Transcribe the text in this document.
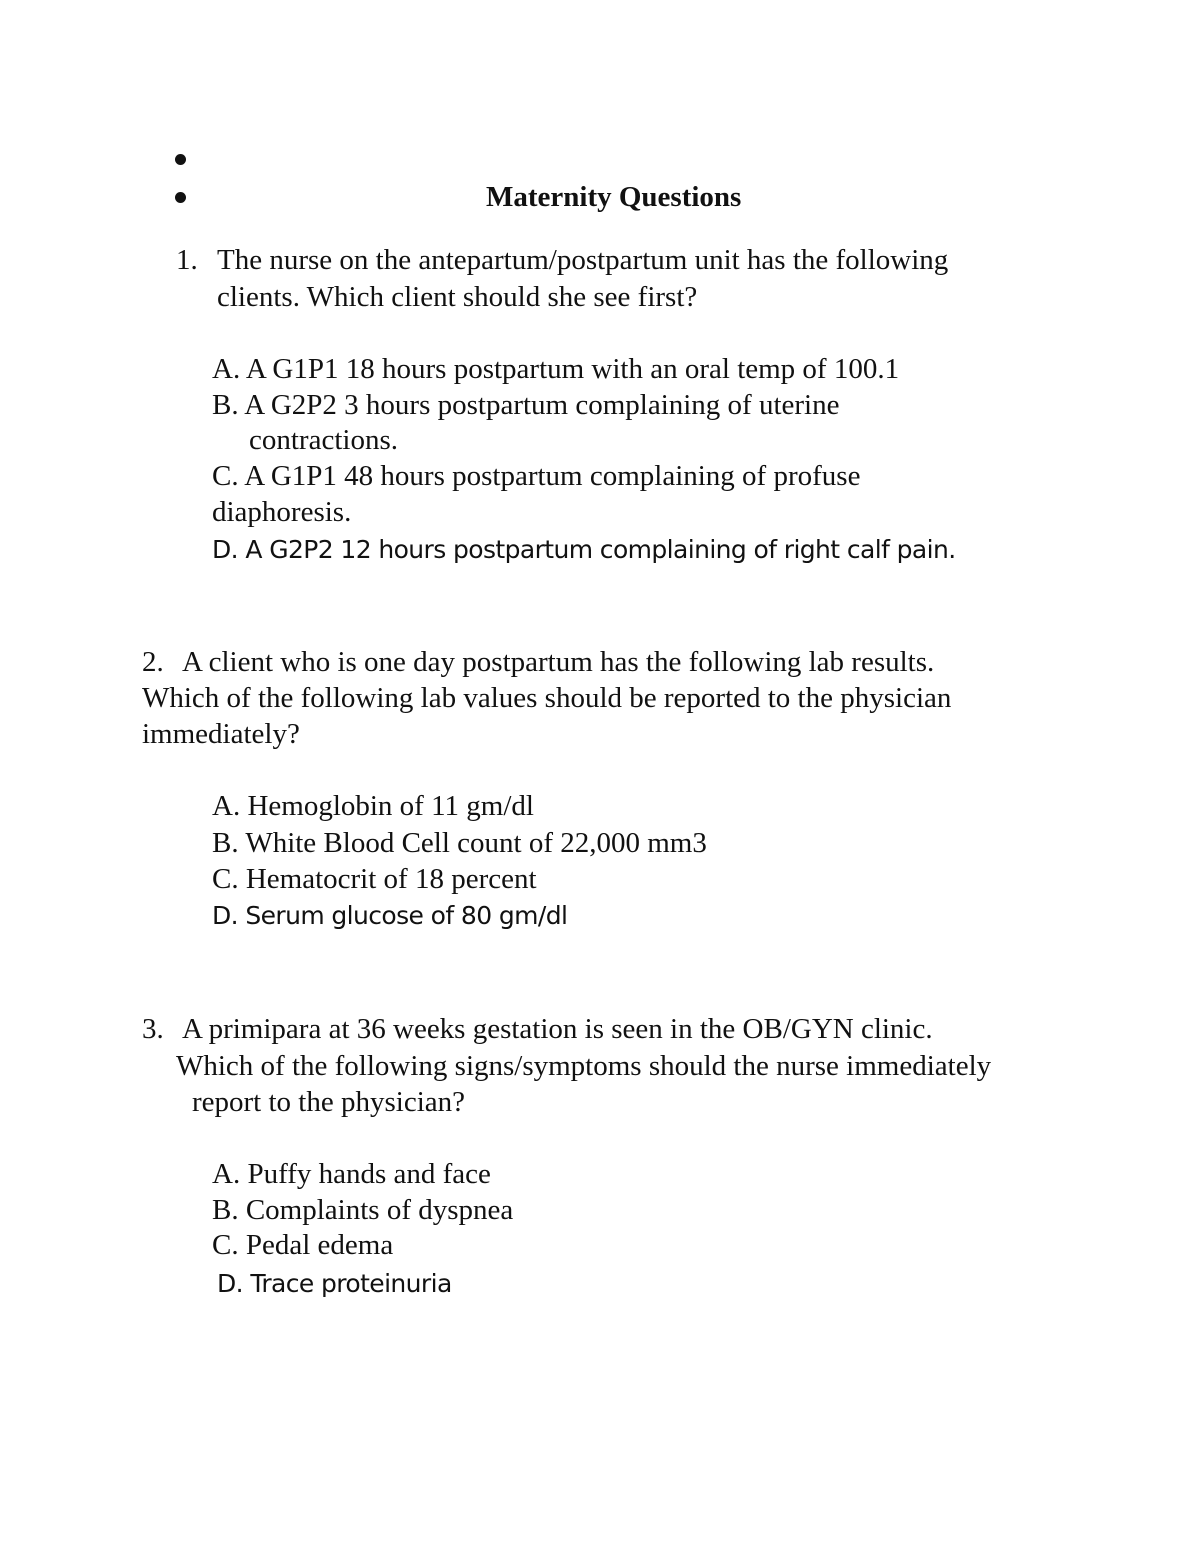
Maternity Questions
1. The nurse on the antepartum/postpartum unit has the following
clients. Which client should she see first?
A. A G1P1 18 hours postpartum with an oral temp of 100.1
B. A G2P2 3 hours postpartum complaining of uterine
contractions.
C. A G1P1 48 hours postpartum complaining of profuse
diaphoresis.
D. A G2P2 12 hours postpartum complaining of right calf pain.
2. A client who is one day postpartum has the following lab results.
Which of the following lab values should be reported to the physician
immediately?
A. Hemoglobin of 11 gm/dl
B. White Blood Cell count of 22,000 mm3
C. Hematocrit of 18 percent
D. Serum glucose of 80 gm/dl
3. A primipara at 36 weeks gestation is seen in the OB/GYN clinic.
Which of the following signs/symptoms should the nurse immediately
report to the physician?
A. Puffy hands and face
B. Complaints of dyspnea
C. Pedal edema
D. Trace proteinuria
